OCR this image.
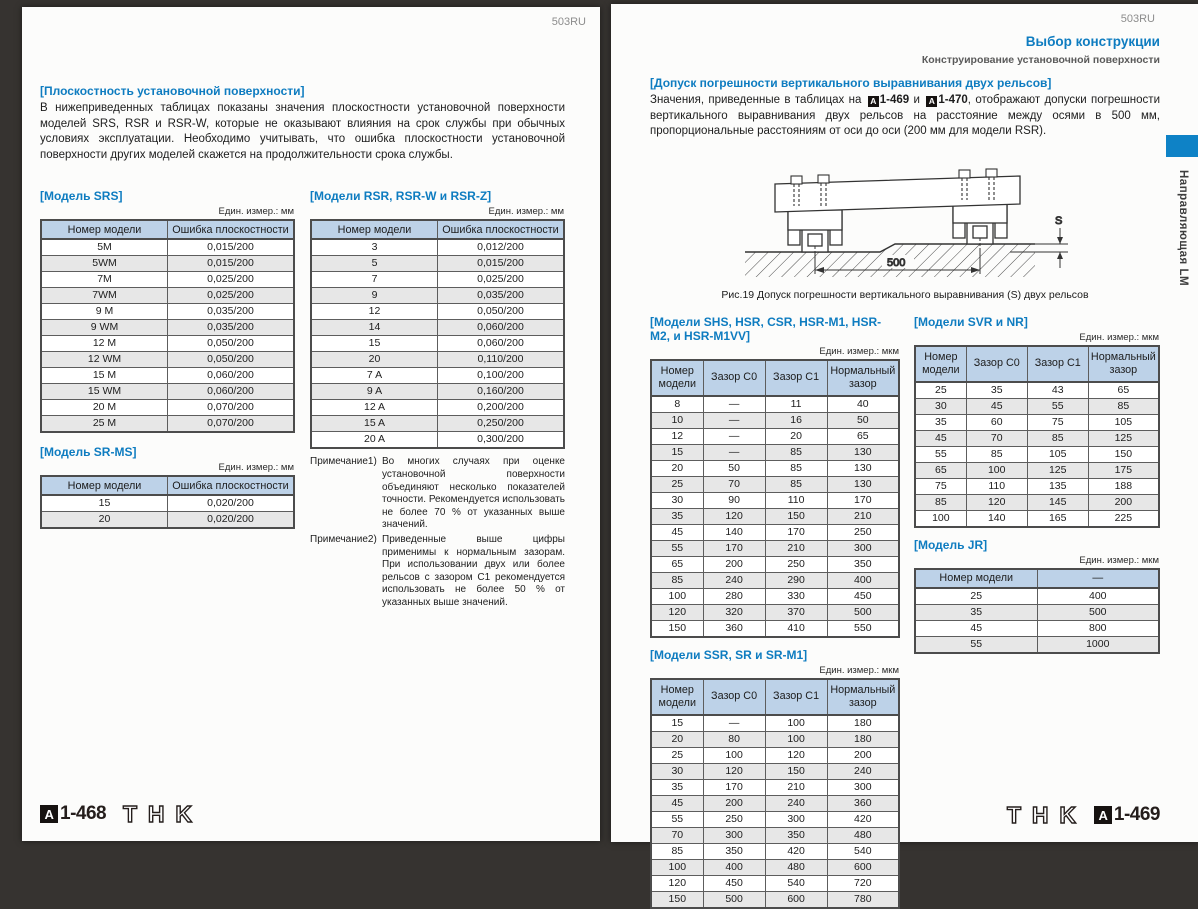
503RU
[Плоскостность установочной поверхности]

В нижеприведенных таблицах показаны значения плоскостности установочной поверхности моделей SRS, RSR и RSR-W, которые не оказывают влияния на срок службы при обычных условиях эксплуатации. Необходимо учитывать, что ошибка плоскостности установочной поверхности других моделей скажется на продолжительности срока службы.

[Модель SRS]
Един. измер.: мм
Номер модели	Ошибка плоскостности
5M	0,015/200
5WM	0,015/200
7M	0,025/200
7WM	0,025/200
9 M	0,035/200
9 WM	0,035/200
12 M	0,050/200
12 WM	0,050/200
15 M	0,060/200
15 WM	0,060/200
20 M	0,070/200
25 M	0,070/200
[Модель SR-MS]
Един. измер.: мм
Номер модели	Ошибка плоскостности
15	0,020/200
20	0,020/200
[Модели RSR, RSR-W и RSR-Z]
Един. измер.: мм
Номер модели	Ошибка плоскостности
3	0,012/200
5	0,015/200
7	0,025/200
9	0,035/200
12	0,050/200
14	0,060/200
15	0,060/200
20	0,110/200
7 A	0,100/200
9 A	0,160/200
12 A	0,200/200
15 A	0,250/200
20 A	0,300/200
Примечание1) Во многих случаях при оценке установочной поверхности объединяют несколько показателей точности. Рекомендуется использовать не более 70 % от указанных выше значений.
Примечание2) Приведенные выше цифры применимы к нормальным зазорам. При использовании двух или более рельсов с зазором C1 рекомендуется использовать не более 50 % от указанных выше значений.
A 1-468 THK
503RU
Выбор конструкции
Конструирование установочной поверхности
[Допуск погрешности вертикального выравнивания двух рельсов]

Значения, приведенные в таблицах на A 1-469 и A 1-470, отображают допуски погрешности вертикального выравнивания двух рельсов на расстояние между осями в 500 мм, пропорциональные расстояниям от оси до оси (200 мм для модели RSR).

S
500
Рис.19 Допуск погрешности вертикального выравнивания (S) двух рельсов
[Модели SHS, HSR, CSR, HSR-M1, HSR-M2, и HSR-M1VV]
Един. измер.: мкм
Номер модели	Зазор C0	Зазор C1	Нормальный зазор
8	—	11	40
10	—	16	50
12	—	20	65
15	—	85	130
20	50	85	130
25	70	85	130
30	90	110	170
35	120	150	210
45	140	170	250
55	170	210	300
65	200	250	350
85	240	290	400
100	280	330	450
120	320	370	500
150	360	410	550
[Модели SSR, SR и SR-M1]
Един. измер.: мкм
Номер модели	Зазор C0	Зазор C1	Нормальный зазор
15	—	100	180
20	80	100	180
25	100	120	200
30	120	150	240
35	170	210	300
45	200	240	360
55	250	300	420
70	300	350	480
85	350	420	540
100	400	480	600
120	450	540	720
150	500	600	780
[Модели SVR и NR]
Един. измер.: мкм
Номер модели	Зазор C0	Зазор C1	Нормальный зазор
25	35	43	65
30	45	55	85
35	60	75	105
45	70	85	125
55	85	105	150
65	100	125	175
75	110	135	188
85	120	145	200
100	140	165	225
[Модель JR]
Един. измер.: мкм
Номер модели	—
25	400
35	500
45	800
55	1000
THK	A 1-469
Направляющая LM
